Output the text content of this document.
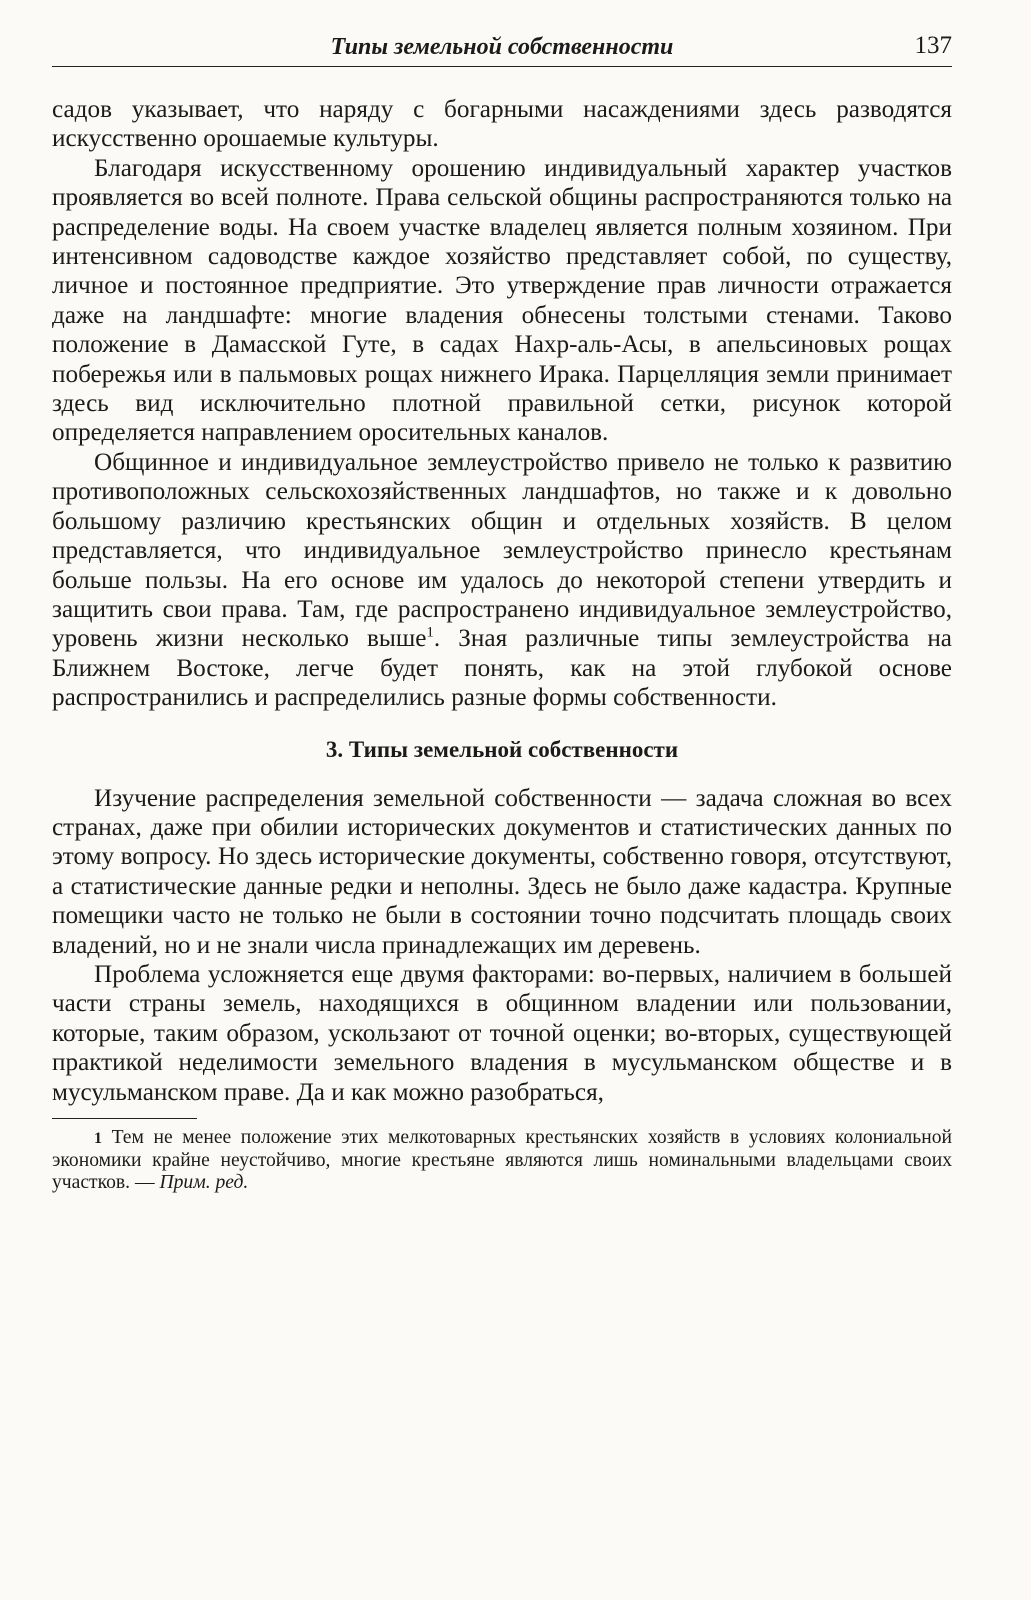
Типы земельной собственности	137

садов указывает, что наряду с богарными насаждениями здесь разводятся искусственно орошаемые культуры.

Благодаря искусственному орошению индивидуальный характер участков проявляется во всей полноте. Права сельской общины распространяются только на распределение воды. На своем участке владелец является полным хозяином. При интенсивном садоводстве каждое хозяйство представляет собой, по существу, личное и постоянное предприятие. Это утверждение прав личности отражается даже на ландшафте: многие владения обнесены толстыми стенами. Таково положение в Дамасской Гуте, в садах Нахр-аль-Асы, в апельсиновых рощах побережья или в пальмовых рощах нижнего Ирака. Парцелляция земли принимает здесь вид исключительно плотной правильной сетки, рисунок которой определяется направлением оросительных каналов.

Общинное и индивидуальное землеустройство привело не только к развитию противоположных сельскохозяйственных ландшафтов, но также и к довольно большому различию крестьянских общин и отдельных хозяйств. В целом представляется, что индивидуальное землеустройство принесло крестьянам больше пользы. На его основе им удалось до некоторой степени утвердить и защитить свои права. Там, где распространено индивидуальное землеустройство, уровень жизни несколько выше$^1$. Зная различные типы землеустройства на Ближнем Востоке, легче будет понять, как на этой глубокой основе распространились и распределились разные формы собственности.

3. Типы земельной собственности

Изучение распределения земельной собственности — задача сложная во всех странах, даже при обилии исторических документов и статистических данных по этому вопросу. Но здесь исторические документы, собственно говоря, отсутствуют, а статистические данные редки и неполны. Здесь не было даже кадастра. Крупные помещики часто не только не были в состоянии точно подсчитать площадь своих владений, но и не знали числа принадлежащих им деревень.

Проблема усложняется еще двумя факторами: во-первых, наличием в большей части страны земель, находящихся в общинном владении или пользовании, которые, таким образом, ускользают от точной оценки; во-вторых, существующей практикой неделимости земельного владения в мусульманском обществе и в мусульманском праве. Да и как можно разобраться,

1 Тем не менее положение этих мелкотоварных крестьянских хозяйств в условиях колониальной экономики крайне неустойчиво, многие крестьяне являются лишь номинальными владельцами своих участков. — Прим. ред.
